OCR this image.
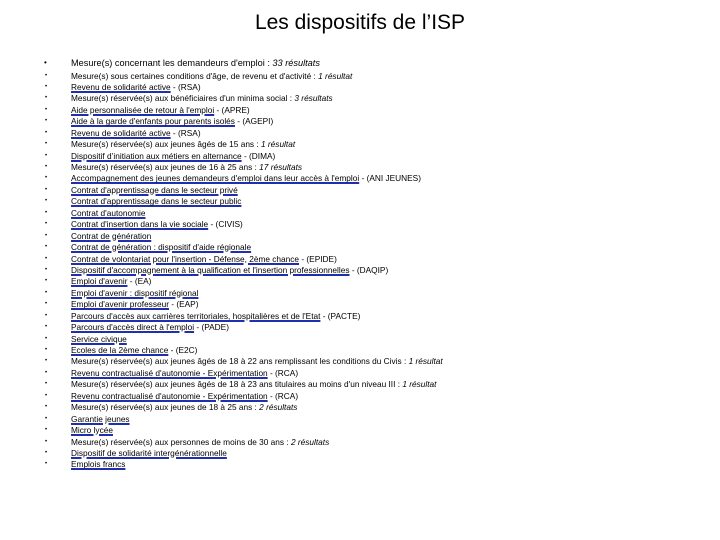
Les dispositifs de l’ISP
•	Mesure(s) concernant les demandeurs d'emploi : 33 résultats
•	Mesure(s) sous certaines conditions d'âge, de revenu et d'activité : 1 résultat
•	Revenu de solidarité active - (RSA)
•	Mesure(s) réservée(s) aux bénéficiaires d'un minima social : 3 résultats
•	Aide personnalisée de retour à l'emploi - (APRE)
•	Aide à la garde d'enfants pour parents isolés - (AGEPI)
•	Revenu de solidarité active - (RSA)
•	Mesure(s) réservée(s) aux jeunes âgés de 15 ans : 1 résultat
•	Dispositif d’initiation aux métiers en alternance - (DIMA)
•	Mesure(s) réservée(s) aux jeunes de 16 à 25 ans : 17 résultats
•	Accompagnement des jeunes demandeurs d'emploi dans leur accès à l'emploi - (ANI JEUNES)
•	Contrat d'apprentissage dans le secteur privé
•	Contrat d'apprentissage dans le secteur public
•	Contrat d'autonomie
•	Contrat d'insertion dans la vie sociale - (CIVIS)
•	Contrat de génération
•	Contrat de génération : dispositif d'aide régionale
•	Contrat de volontariat pour l'insertion - Défense, 2ème chance - (EPIDE)
•	Dispositif d'accompagnement à la qualification et l'insertion professionnelles - (DAQIP)
•	Emploi d'avenir - (EA)
•	Emploi d'avenir : dispositif régional
•	Emploi d'avenir professeur - (EAP)
•	Parcours d'accès aux carrières territoriales, hospitalières et de l'Etat - (PACTE)
•	Parcours d'accès direct à l'emploi - (PADE)
•	Service civique
•	Ecoles de la 2ème chance - (E2C)
•	Mesure(s) réservée(s) aux jeunes âgés de 18 à 22 ans remplissant les conditions du Civis : 1 résultat
•	Revenu contractualisé d'autonomie - Expérimentation - (RCA)
•	Mesure(s) réservée(s) aux jeunes âgés de 18 à 23 ans titulaires au moins d'un niveau III : 1 résultat
•	Revenu contractualisé d'autonomie - Expérimentation - (RCA)
•	Mesure(s) réservée(s) aux jeunes de 18 à 25 ans : 2 résultats
•	Garantie jeunes
•	Micro lycée
•	Mesure(s) réservée(s) aux personnes de moins de 30 ans : 2 résultats
•	Dispositif de solidarité intergénérationnelle
•	Emplois francs
